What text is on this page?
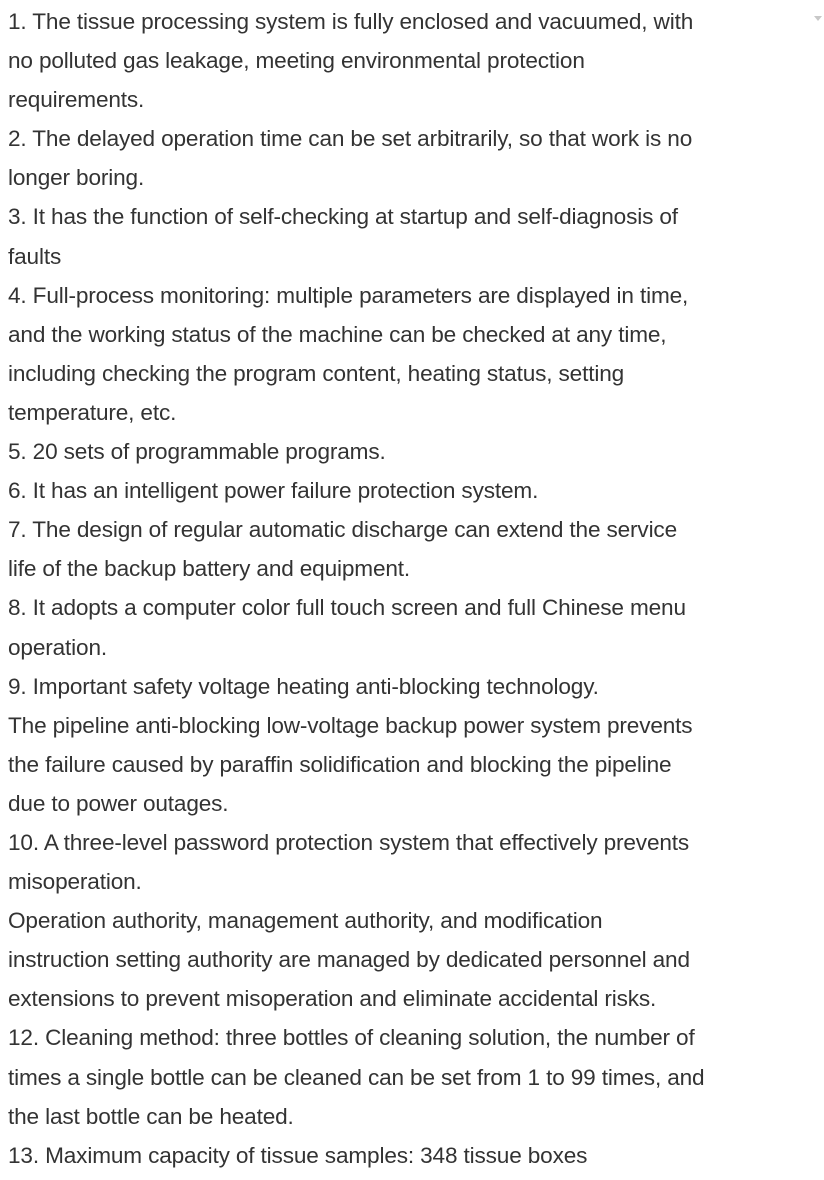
1. The tissue processing system is fully enclosed and vacuumed, with
no polluted gas leakage, meeting environmental protection
requirements.
2. The delayed operation time can be set arbitrarily, so that work is no
longer boring.
3. It has the function of self-checking at startup and self-diagnosis of
faults
4. Full-process monitoring: multiple parameters are displayed in time,
and the working status of the machine can be checked at any time,
including checking the program content, heating status, setting
temperature, etc.
5. 20 sets of programmable programs.
6. It has an intelligent power failure protection system.
7. The design of regular automatic discharge can extend the service
life of the backup battery and equipment.
8. It adopts a computer color full touch screen and full Chinese menu
operation.
9. Important safety voltage heating anti-blocking technology.
The pipeline anti-blocking low-voltage backup power system prevents
the failure caused by paraffin solidification and blocking the pipeline
due to power outages.
10. A three-level password protection system that effectively prevents
misoperation.
Operation authority, management authority, and modification
instruction setting authority are managed by dedicated personnel and
extensions to prevent misoperation and eliminate accidental risks.
12. Cleaning method: three bottles of cleaning solution, the number of
times a single bottle can be cleaned can be set from 1 to 99 times, and
the last bottle can be heated.
13. Maximum capacity of tissue samples: 348 tissue boxes
